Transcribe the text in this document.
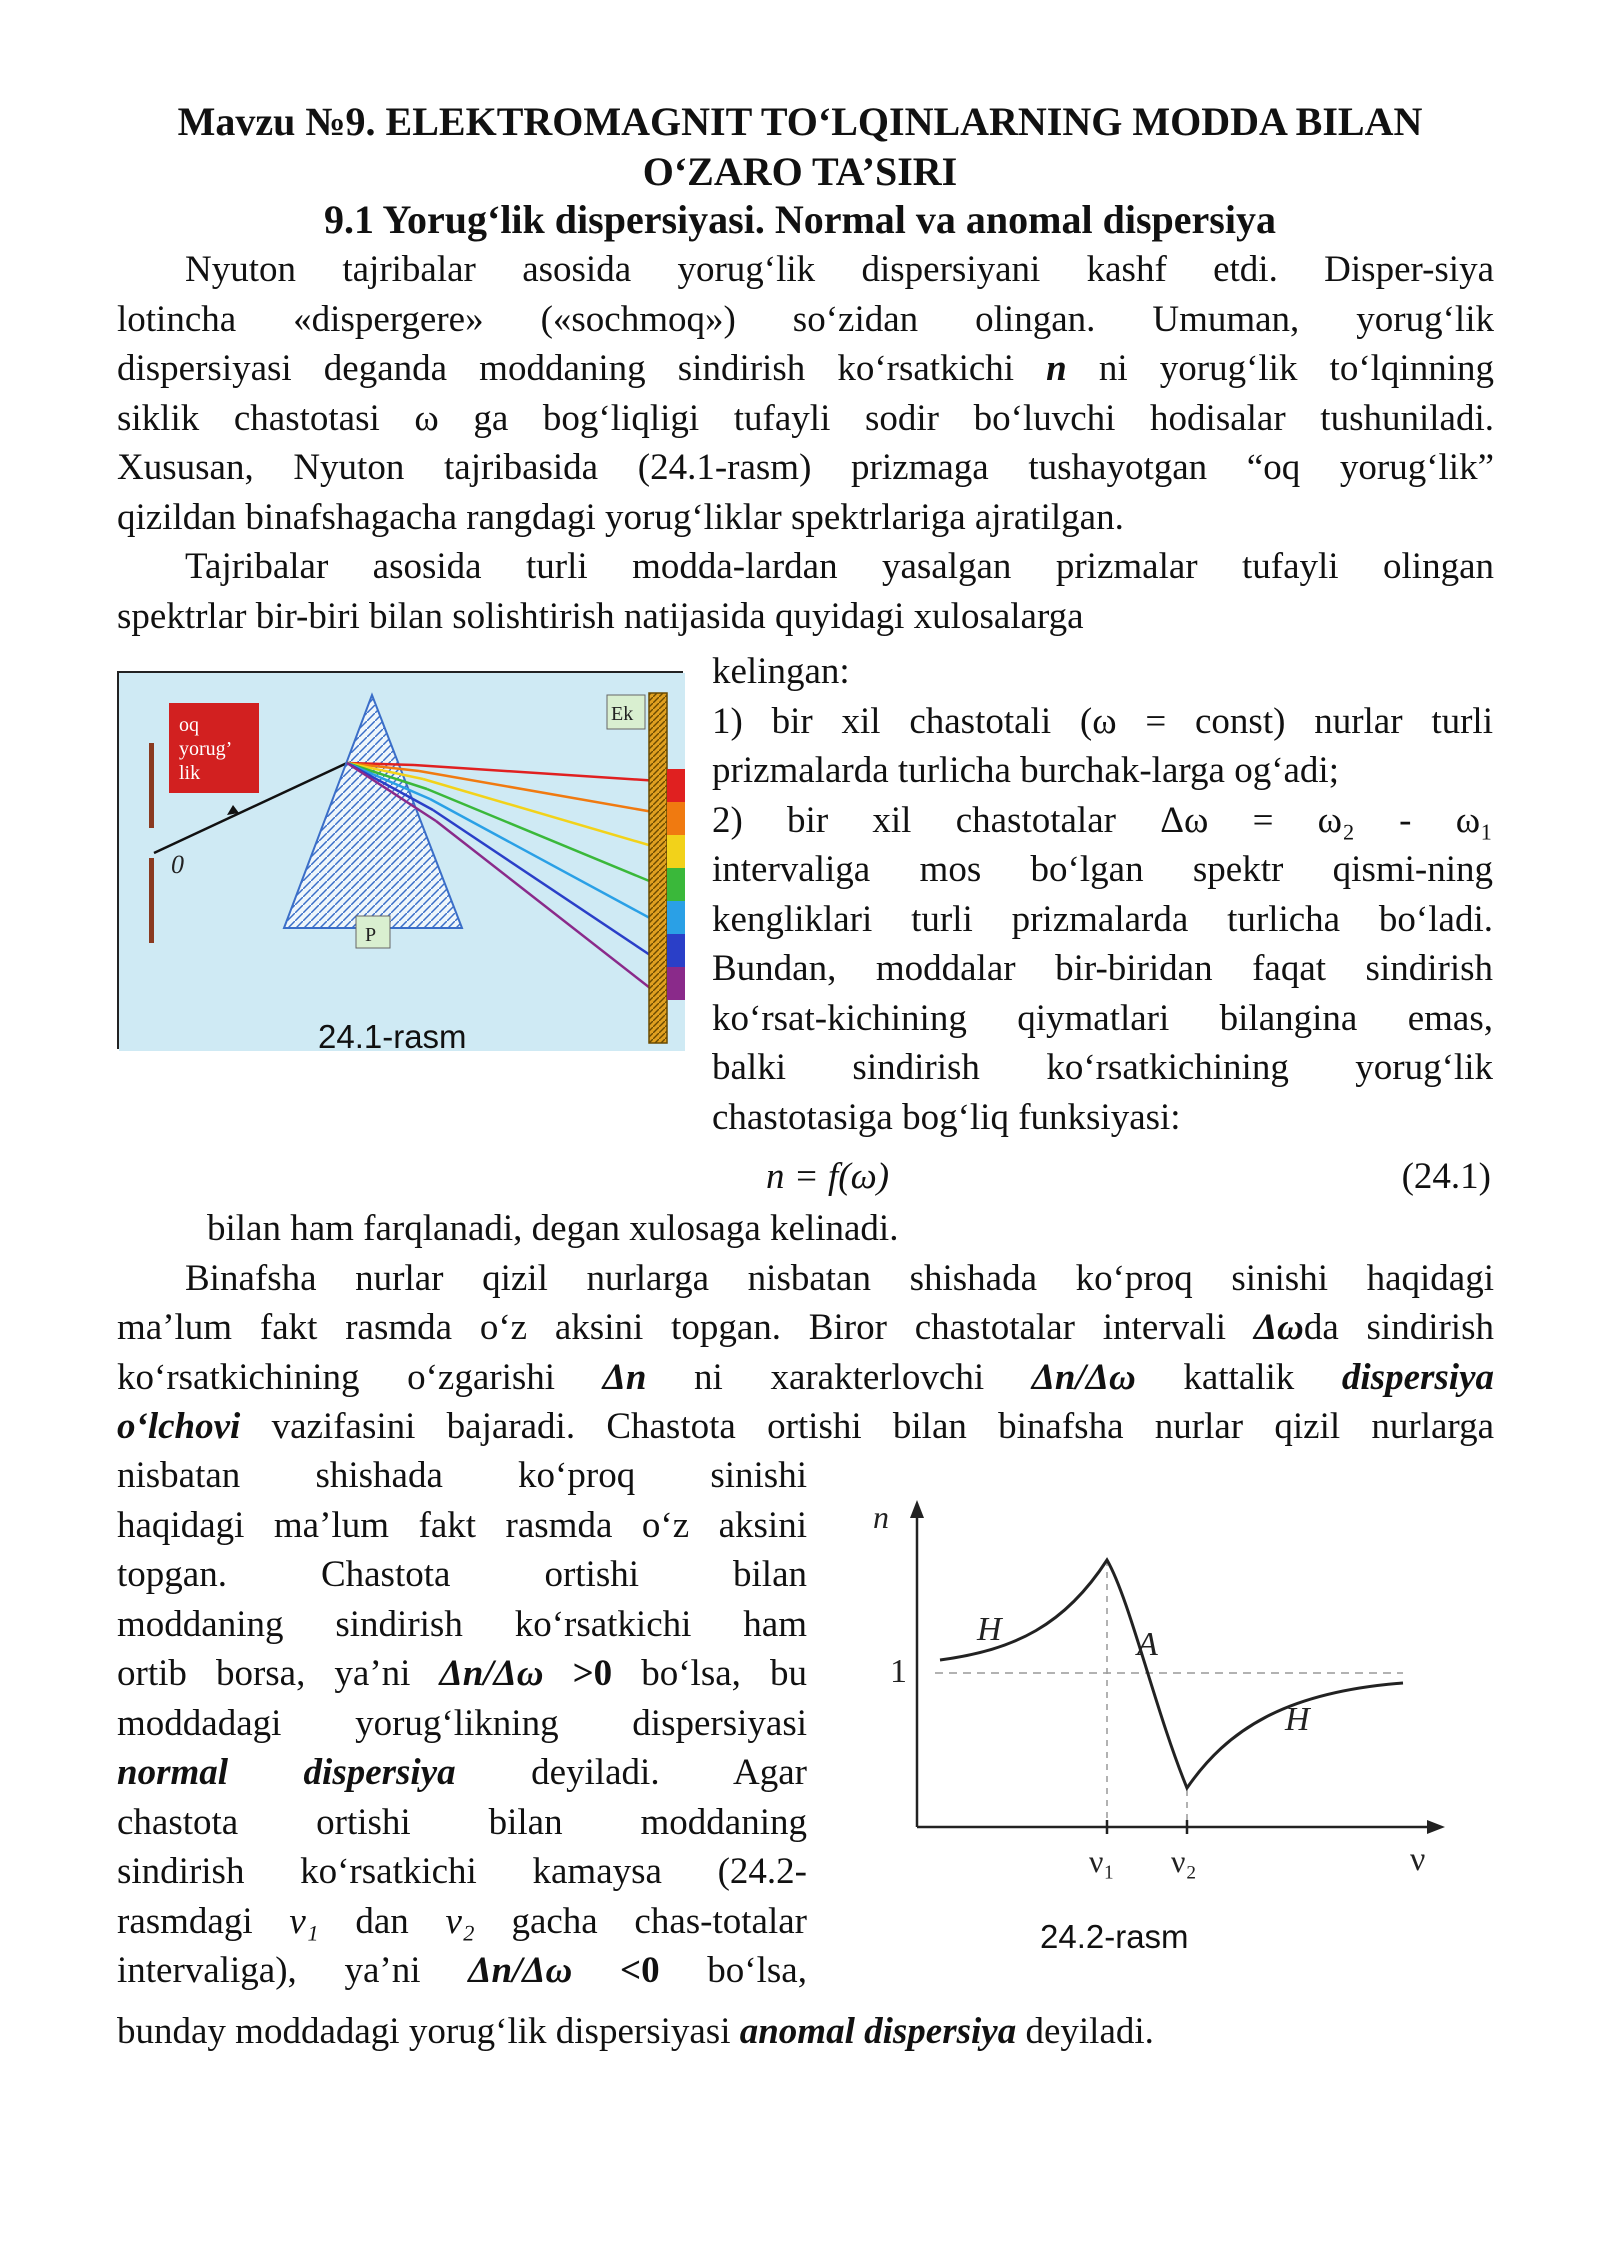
Mavzu №9. ELEKTROMAGNIT TO‘LQINLARNING MODDA BILAN
O‘ZARO TA’SIRI
9.1 Yorug‘lik dispersiyasi. Normal va anomal dispersiya
Nyuton tajribalar asosida yorug‘lik dispersiyani kashf etdi. Disper-siya
lotincha «dispergere» («sochmoq») so‘zidan olingan. Umuman, yorug‘lik
dispersiyasi deganda moddaning sindirish ko‘rsatkichi n ni yorug‘lik to‘lqinning
siklik chastotasi ω ga bog‘liqligi tufayli sodir bo‘luvchi hodisalar tushuniladi.
Xususan, Nyuton tajribasida (24.1-rasm) prizmaga tushayotgan “oq yorug‘lik”
qizildan binafshagacha rangdagi yorug‘liklar spektrlariga ajratilgan.
Tajribalar asosida turli modda-lardan yasalgan prizmalar tufayli olingan
spektrlar bir-biri bilan solishtirish natijasida quyidagi xulosalarga
0
oq
yorug’
lik
P
Ek
24.1-rasm
kelingan:
1) bir xil chastotali (ω = const) nurlar turli
prizmalarda turlicha burchak-larga og‘adi;
2) bir xil chastotalar Δω = ω₂ - ω₁
intervaliga mos bo‘lgan spektr qismi-ning
kengliklari turli prizmalarda turlicha bo‘ladi.
Bundan, moddalar bir-biridan faqat sindirish
ko‘rsat-kichining qiymatlari bilangina emas,
balki sindirish ko‘rsatkichining yorug‘lik
chastotasiga bog‘liq funksiyasi:
n = f(ω)	(24.1)
bilan ham farqlanadi, degan xulosaga kelinadi.
Binafsha nurlar qizil nurlarga nisbatan shishada ko‘proq sinishi haqidagi
ma’lum fakt rasmda o‘z aksini topgan. Biror chastotalar intervali Δωda sindirish
ko‘rsatkichining o‘zgarishi Δn ni xarakterlovchi Δn/Δω kattalik dispersiya
o‘lchovi vazifasini bajaradi. Chastota ortishi bilan binafsha nurlar qizil nurlarga
nisbatan shishada ko‘proq sinishi
haqidagi ma’lum fakt rasmda o‘z aksini
topgan. Chastota ortishi bilan
moddaning sindirish ko‘rsatkichi ham
ortib borsa, ya’ni Δn/Δω >0 bo‘lsa, bu
moddadagi yorug‘likning dispersiyasi
normal dispersiya deyiladi. Agar
chastota ortishi bilan moddaning
sindirish ko‘rsatkichi kamaysa (24.2-
rasmdagi ν₁ dan ν₂ gacha chas-totalar
intervaliga), ya’ni Δn/Δω <0 bo‘lsa,
bunday moddadagi yorug‘lik dispersiyasi anomal dispersiya deyiladi.
n
ν
1
ν₁ ν₂
H	A
H
24.2-rasm
